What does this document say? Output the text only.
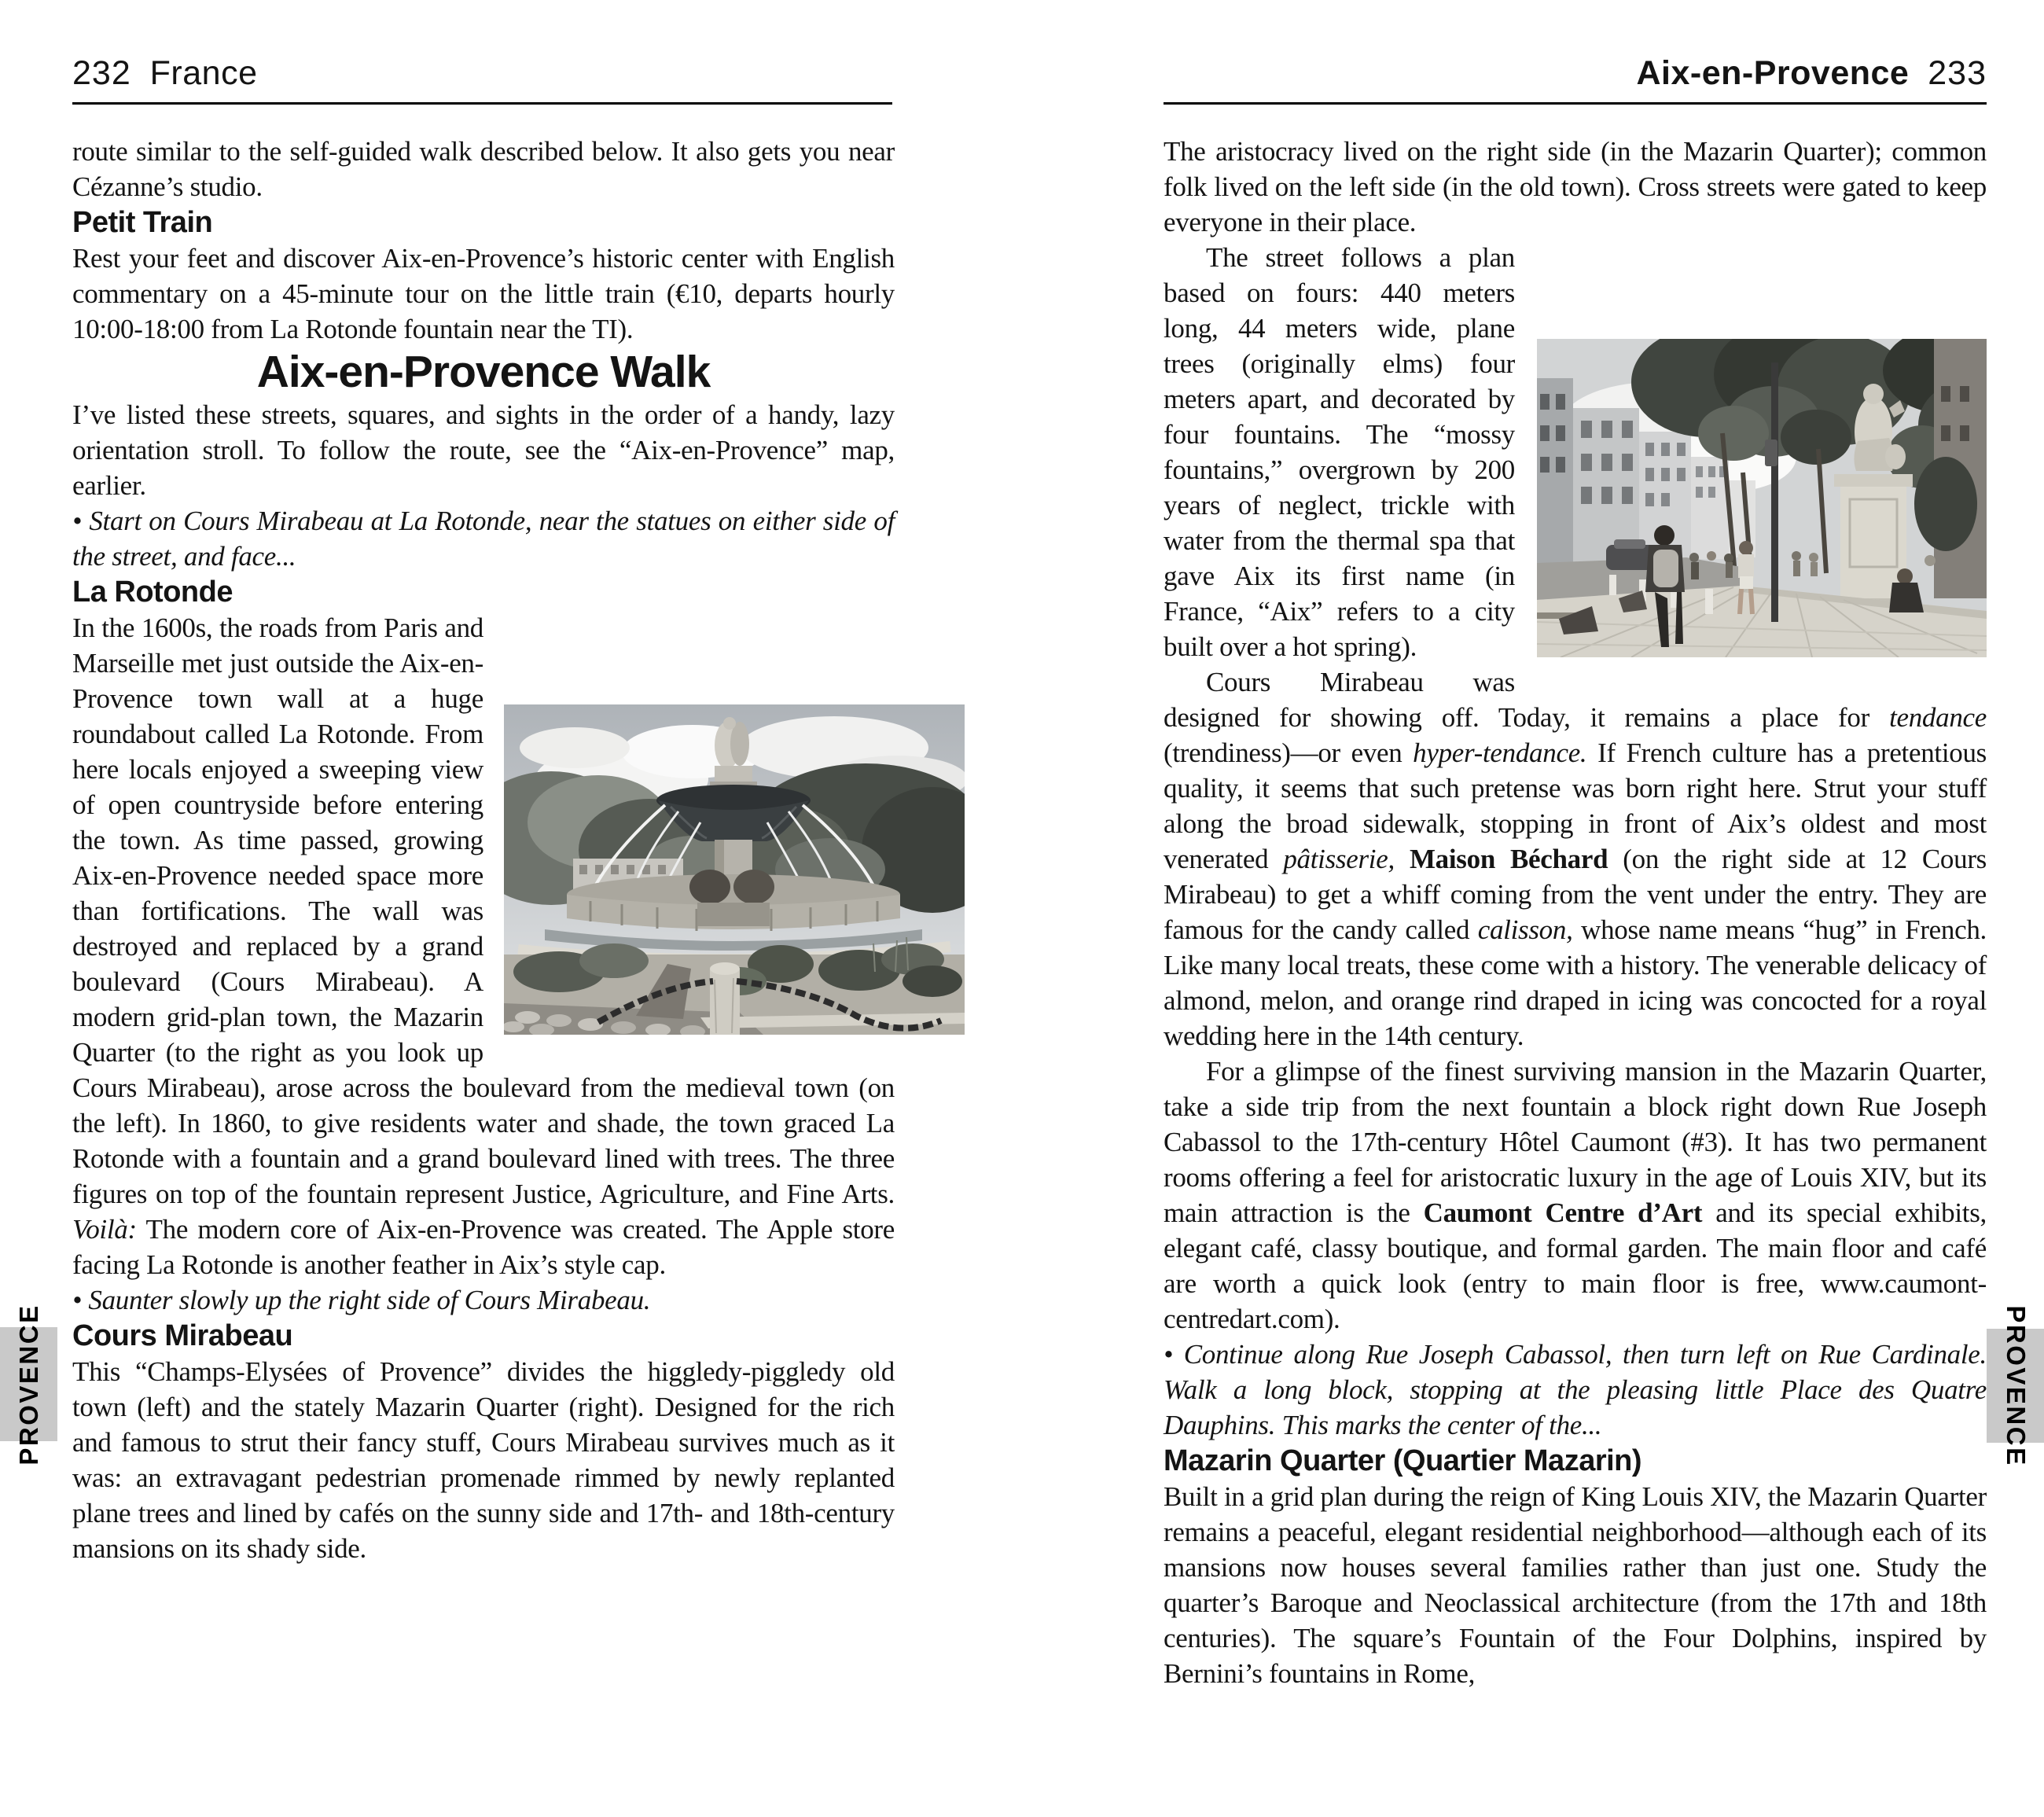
232 France

route similar to the self-guided walk described below. It also gets you near Cézanne’s studio.

Petit Train

Rest your feet and discover Aix-en-Provence’s historic center with English commentary on a 45-minute tour on the little train (€10, departs hourly 10:00-18:00 from La Rotonde fountain near the TI).

Aix-en-Provence Walk

I’ve listed these streets, squares, and sights in the order of a handy, lazy orientation stroll. To follow the route, see the “Aix-en-Provence” map, earlier.

• Start on Cours Mirabeau at La Rotonde, near the statues on either side of the street, and face...

La Rotonde

In the 1600s, the roads from Paris and Marseille met just outside the Aix-en-Provence town wall at a huge roundabout called La Rotonde. From here locals enjoyed a sweeping view of open countryside before entering the town. As time passed, growing Aix-en-Provence needed space more than fortifications. The wall was destroyed and replaced by a grand boulevard (Cours Mirabeau). A modern grid-plan town, the Mazarin Quarter (to the right as you look up Cours Mirabeau), arose across the boulevard from the medieval town (on the left). In 1860, to give residents water and shade, the town graced La Rotonde with a fountain and a grand boulevard lined with trees. The three figures on top of the fountain represent Justice, Agriculture, and Fine Arts. Voilà: The modern core of Aix-en-Provence was created. The Apple store facing La Rotonde is another feather in Aix’s style cap.

• Saunter slowly up the right side of Cours Mirabeau.

Cours Mirabeau

This “Champs-Elysées of Provence” divides the higgledy-piggledy old town (left) and the stately Mazarin Quarter (right). Designed for the rich and famous to strut their fancy stuff, Cours Mirabeau survives much as it was: an extravagant pedestrian promenade rimmed by newly replanted plane trees and lined by cafés on the sunny side and 17th- and 18th-century mansions on its shady side.

Aix-en-Provence 233

The aristocracy lived on the right side (in the Mazarin Quarter); common folk lived on the left side (in the old town). Cross streets were gated to keep everyone in their place.

The street follows a plan based on fours: 440 meters long, 44 meters wide, plane trees (originally elms) four meters apart, and decorated by four fountains. The “mossy fountains,” overgrown by 200 years of neglect, trickle with water from the thermal spa that gave Aix its first name (in France, “Aix” refers to a city built over a hot spring).

Cours Mirabeau was designed for showing off. Today, it remains a place for tendance (trendiness)—or even hyper-tendance. If French culture has a pretentious quality, it seems that such pretense was born right here. Strut your stuff along the broad sidewalk, stopping in front of Aix’s oldest and most venerated pâtisserie, Maison Béchard (on the right side at 12 Cours Mirabeau) to get a whiff coming from the vent under the entry. They are famous for the candy called calisson, whose name means “hug” in French. Like many local treats, these come with a history. The venerable delicacy of almond, melon, and orange rind draped in icing was concocted for a royal wedding here in the 14th century.

For a glimpse of the finest surviving mansion in the Mazarin Quarter, take a side trip from the next fountain a block right down Rue Joseph Cabassol to the 17th-century Hôtel Caumont (#3). It has two permanent rooms offering a feel for aristocratic luxury in the age of Louis XIV, but its main attraction is the Caumont Centre d’Art and its special exhibits, elegant café, classy boutique, and formal garden. The main floor and café are worth a quick look (entry to main floor is free, www.caumont-centredart.com).

• Continue along Rue Joseph Cabassol, then turn left on Rue Cardinale. Walk a long block, stopping at the pleasing little Place des Quatre Dauphins. This marks the center of the...

Mazarin Quarter (Quartier Mazarin)

Built in a grid plan during the reign of King Louis XIV, the Mazarin Quarter remains a peaceful, elegant residential neighborhood—although each of its mansions now houses several families rather than just one. Study the quarter’s Baroque and Neoclassical architecture (from the 17th and 18th centuries). The square’s Fountain of the Four Dolphins, inspired by Bernini’s fountains in Rome,

PROVENCE	PROVENCE
